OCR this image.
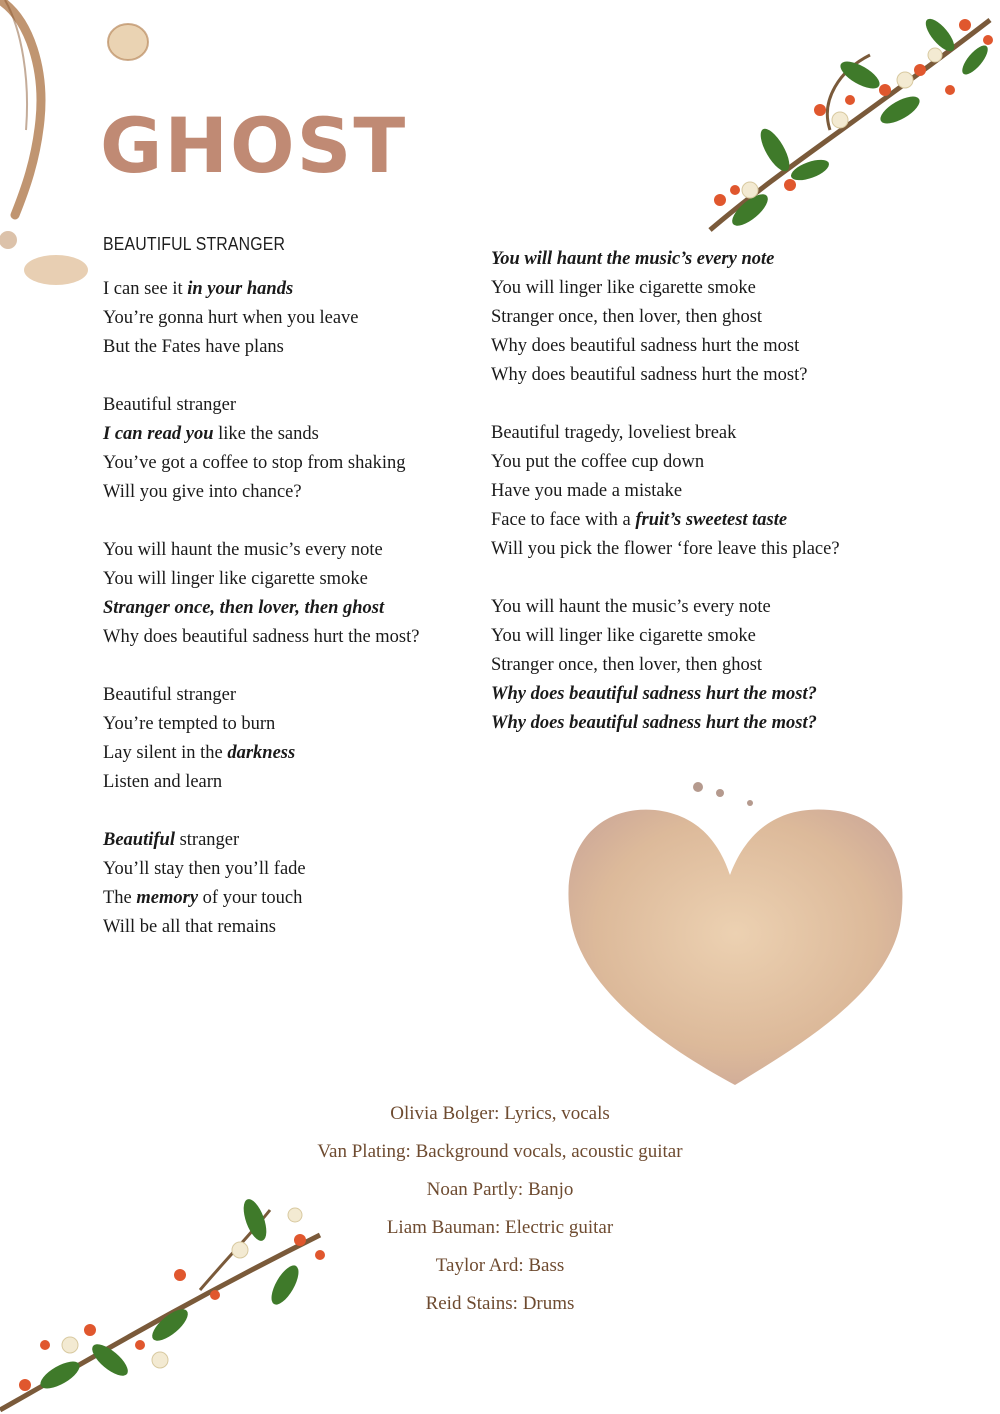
GHOST
BEAUTIFUL STRANGER
I can see it in your hands
You’re gonna hurt when you leave
But the Fates have plans
Beautiful stranger
I can read you like the sands
You’ve got a coffee to stop from shaking
Will you give into chance?
You will haunt the music’s every note
You will linger like cigarette smoke
Stranger once, then lover, then ghost
Why does beautiful sadness hurt the most?
Beautiful stranger
You’re tempted to burn
Lay silent in the darkness
Listen and learn
Beautiful stranger
You’ll stay then you’ll fade
The memory of your touch
Will be all that remains
You will haunt the music’s every note
You will linger like cigarette smoke
Stranger once, then lover, then ghost
Why does beautiful sadness hurt the most
Why does beautiful sadness hurt the most?
Beautiful tragedy, loveliest break
You put the coffee cup down
Have you made a mistake
Face to face with a fruit’s sweetest taste
Will you pick the flower ‘fore leave this place?
You will haunt the music’s every note
You will linger like cigarette smoke
Stranger once, then lover, then ghost
Why does beautiful sadness hurt the most?
Why does beautiful sadness hurt the most?
Olivia Bolger: Lyrics, vocals
Van Plating: Background vocals, acoustic guitar
Noan Partly: Banjo
Liam Bauman: Electric guitar
Taylor Ard: Bass
Reid Stains: Drums
